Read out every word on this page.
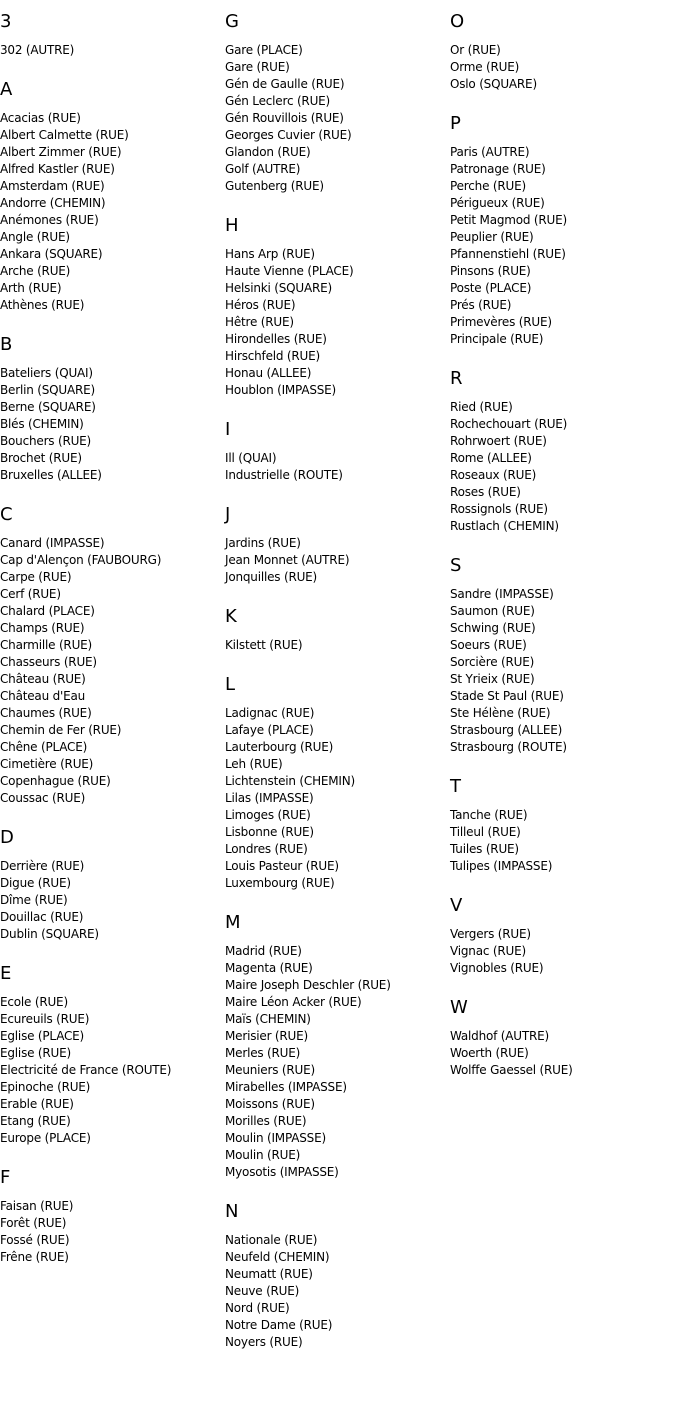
3
302 (AUTRE)
A
Acacias (RUE)
Albert Calmette (RUE)
Albert Zimmer (RUE)
Alfred Kastler (RUE)
Amsterdam (RUE)
Andorre (CHEMIN)
Anémones (RUE)
Angle (RUE)
Ankara (SQUARE)
Arche (RUE)
Arth (RUE)
Athènes (RUE)
B
Bateliers (QUAI)
Berlin (SQUARE)
Berne (SQUARE)
Blés (CHEMIN)
Bouchers (RUE)
Brochet (RUE)
Bruxelles (ALLEE)
C
Canard (IMPASSE)
Cap d'Alençon (FAUBOURG)
Carpe (RUE)
Cerf (RUE)
Chalard (PLACE)
Champs (RUE)
Charmille (RUE)
Chasseurs (RUE)
Château (RUE)
Château d'Eau
Chaumes (RUE)
Chemin de Fer (RUE)
Chêne (PLACE)
Cimetière (RUE)
Copenhague (RUE)
Coussac (RUE)
D
Derrière (RUE)
Digue (RUE)
Dîme (RUE)
Douillac (RUE)
Dublin (SQUARE)
E
Ecole (RUE)
Ecureuils (RUE)
Eglise (PLACE)
Eglise (RUE)
Electricité de France (ROUTE)
Epinoche (RUE)
Erable (RUE)
Etang (RUE)
Europe (PLACE)
F
Faisan (RUE)
Forêt (RUE)
Fossé (RUE)
Frêne (RUE)
G
Gare (PLACE)
Gare (RUE)
Gén de Gaulle (RUE)
Gén Leclerc (RUE)
Gén Rouvillois (RUE)
Georges Cuvier (RUE)
Glandon (RUE)
Golf (AUTRE)
Gutenberg (RUE)
H
Hans Arp (RUE)
Haute Vienne (PLACE)
Helsinki (SQUARE)
Héros (RUE)
Hêtre (RUE)
Hirondelles (RUE)
Hirschfeld (RUE)
Honau (ALLEE)
Houblon (IMPASSE)
I
Ill (QUAI)
Industrielle (ROUTE)
J
Jardins (RUE)
Jean Monnet (AUTRE)
Jonquilles (RUE)
K
Kilstett (RUE)
L
Ladignac (RUE)
Lafaye (PLACE)
Lauterbourg (RUE)
Leh (RUE)
Lichtenstein (CHEMIN)
Lilas (IMPASSE)
Limoges (RUE)
Lisbonne (RUE)
Londres (RUE)
Louis Pasteur (RUE)
Luxembourg (RUE)
M
Madrid (RUE)
Magenta (RUE)
Maire Joseph Deschler (RUE)
Maire Léon Acker (RUE)
Maïs (CHEMIN)
Merisier (RUE)
Merles (RUE)
Meuniers (RUE)
Mirabelles (IMPASSE)
Moissons (RUE)
Morilles (RUE)
Moulin (IMPASSE)
Moulin (RUE)
Myosotis (IMPASSE)
N
Nationale (RUE)
Neufeld (CHEMIN)
Neumatt (RUE)
Neuve (RUE)
Nord (RUE)
Notre Dame (RUE)
Noyers (RUE)
O
Or (RUE)
Orme (RUE)
Oslo (SQUARE)
P
Paris (AUTRE)
Patronage (RUE)
Perche (RUE)
Périgueux (RUE)
Petit Magmod (RUE)
Peuplier (RUE)
Pfannenstiehl (RUE)
Pinsons (RUE)
Poste (PLACE)
Prés (RUE)
Primevères (RUE)
Principale (RUE)
R
Ried (RUE)
Rochechouart (RUE)
Rohrwoert (RUE)
Rome (ALLEE)
Roseaux (RUE)
Roses (RUE)
Rossignols (RUE)
Rustlach (CHEMIN)
S
Sandre (IMPASSE)
Saumon (RUE)
Schwing (RUE)
Soeurs (RUE)
Sorcière (RUE)
St Yrieix (RUE)
Stade St Paul (RUE)
Ste Hélène (RUE)
Strasbourg (ALLEE)
Strasbourg (ROUTE)
T
Tanche (RUE)
Tilleul (RUE)
Tuiles (RUE)
Tulipes (IMPASSE)
V
Vergers (RUE)
Vignac (RUE)
Vignobles (RUE)
W
Waldhof (AUTRE)
Woerth (RUE)
Wolffe Gaessel (RUE)
